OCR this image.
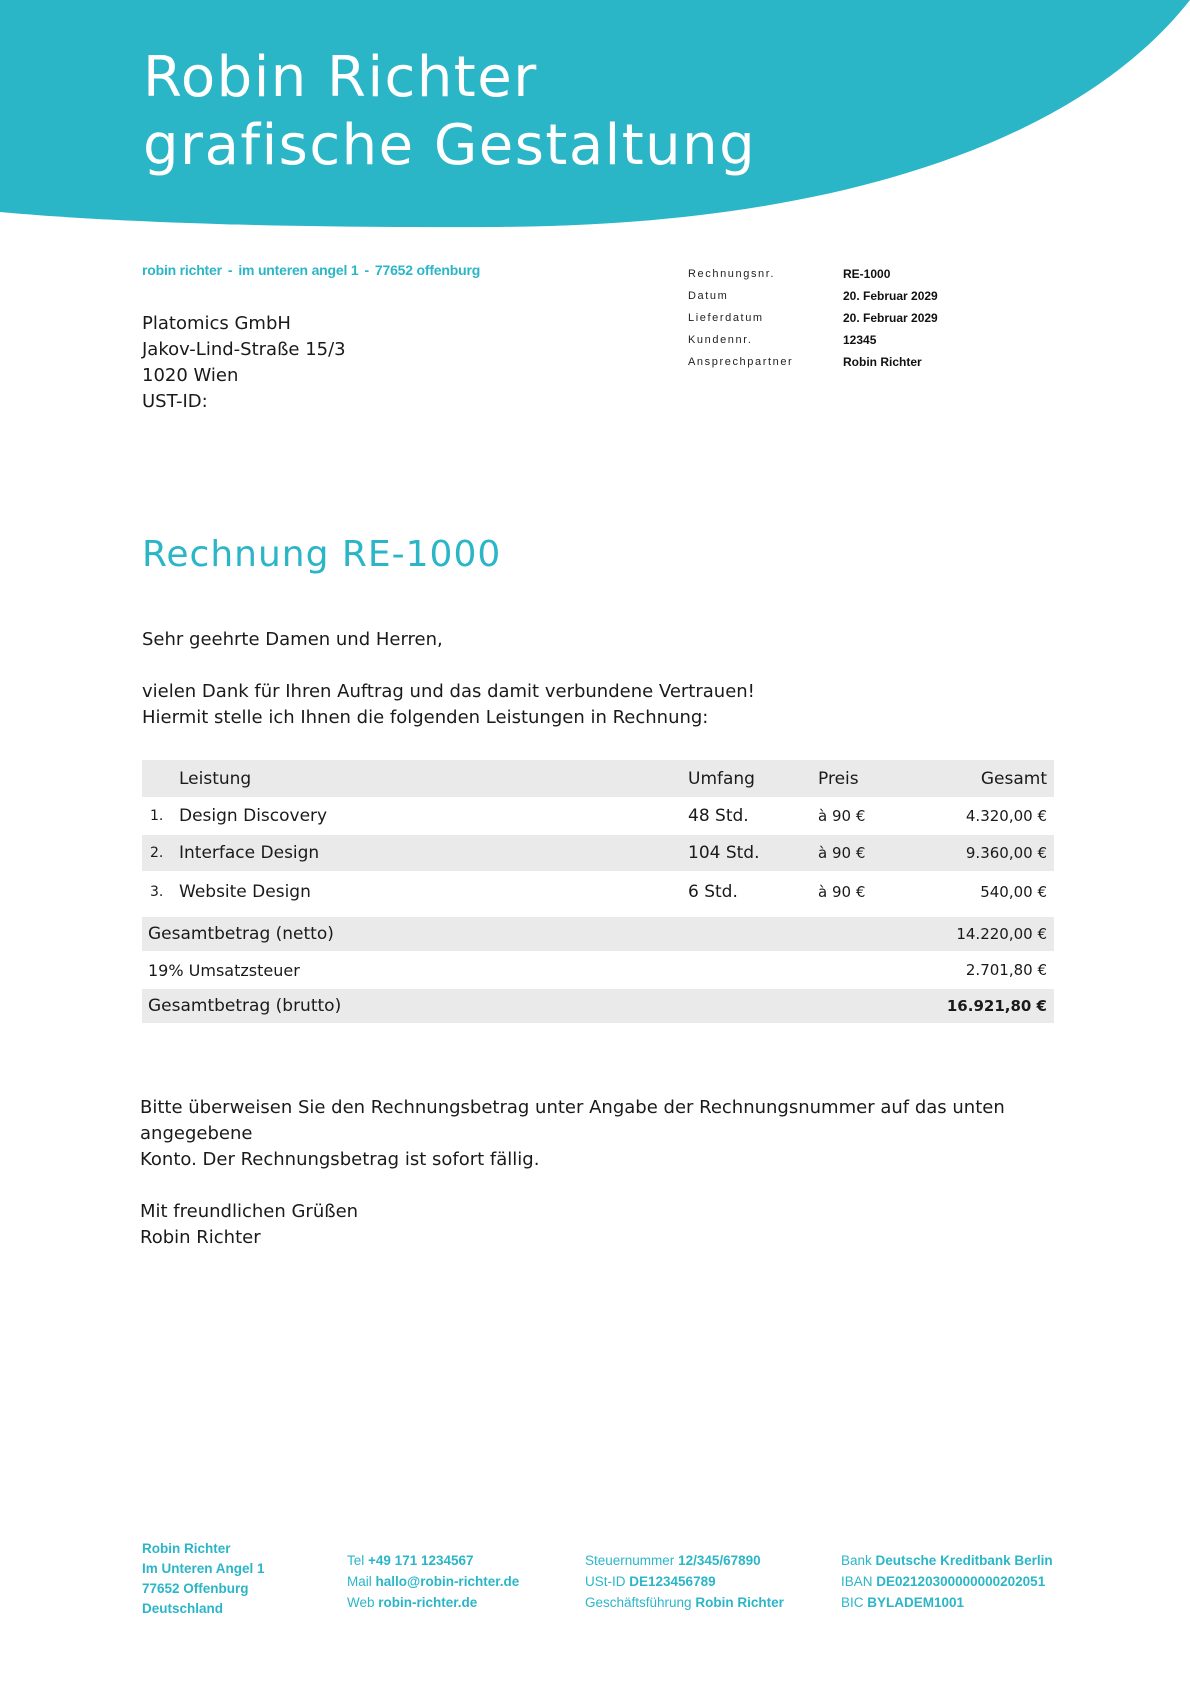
Robin Richter
grafische Gestaltung
robin richter - im unteren angel 1 - 77652 offenburg
Platomics GmbH
Jakov-Lind-Straße 15/3
1020 Wien
UST-ID:
Rechnungsnr.	RE-1000
Datum	20. Februar 2029
Lieferdatum	20. Februar 2029
Kundennr.	12345
Ansprechpartner	Robin Richter
Rechnung RE-1000
Sehr geehrte Damen und Herren,
vielen Dank für Ihren Auftrag und das damit verbundene Vertrauen!
Hiermit stelle ich Ihnen die folgenden Leistungen in Rechnung:
Leistung	Umfang	Preis	Gesamt
1. Design Discovery	48 Std.	à 90 €	4.320,00 €
2. Interface Design	104 Std.	à 90 €	9.360,00 €
3. Website Design	6 Std.	à 90 €	540,00 €
Gesamtbetrag (netto)	14.220,00 €
19% Umsatzsteuer	2.701,80 €
Gesamtbetrag (brutto)	16.921,80 €
Bitte überweisen Sie den Rechnungsbetrag unter Angabe der Rechnungsnummer auf das unten angegebene
Konto. Der Rechnungsbetrag ist sofort fällig.
Mit freundlichen Grüßen
Robin Richter
Robin Richter
Im Unteren Angel 1
77652 Offenburg
Deutschland
Tel +49 171 1234567
Mail hallo@robin-richter.de
Web robin-richter.de
Steuernummer 12/345/67890
USt-ID DE123456789
Geschäftsführung Robin Richter
Bank Deutsche Kreditbank Berlin
IBAN DE02120300000000202051
BIC BYLADEM1001
